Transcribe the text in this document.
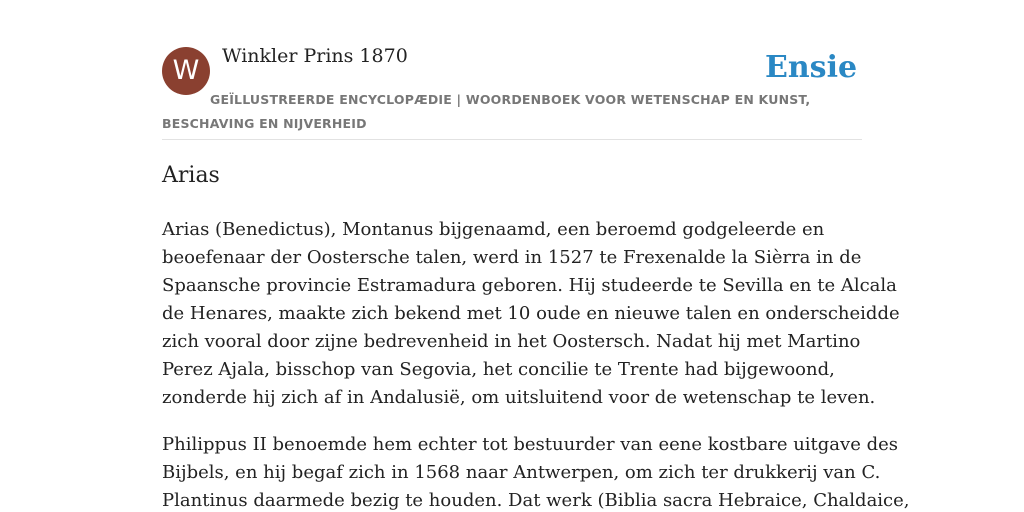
W	Winkler Prins 1870	Ensie
GEÏLLUSTREERDE ENCYCLOPÆDIE | WOORDENBOEK VOOR WETENSCHAP EN KUNST, BESCHAVING EN NIJVERHEID
Arias

Arias (Benedictus), Montanus bijgenaamd, een beroemd godgeleerde en
beoefenaar der Oostersche talen, werd in 1527 te Frexenalde la Sièrra in de
Spaansche provincie Estramadura geboren. Hij studeerde te Sevilla en te Alcala
de Henares, maakte zich bekend met 10 oude en nieuwe talen en onderscheidde
zich vooral door zijne bedrevenheid in het Oostersch. Nadat hij met Martino
Perez Ajala, bisschop van Segovia, het concilie te Trente had bijgewoond,
zonderde hij zich af in Andalusië, om uitsluitend voor de wetenschap te leven.

Philippus II benoemde hem echter tot bestuurder van eene kostbare uitgave des
Bijbels, en hij begaf zich in 1568 naar Antwerpen, om zich ter drukkerij van C.
Plantinus daarmede bezig te houden. Dat werk (Biblia sacra Hebraice, Chaldaice,
